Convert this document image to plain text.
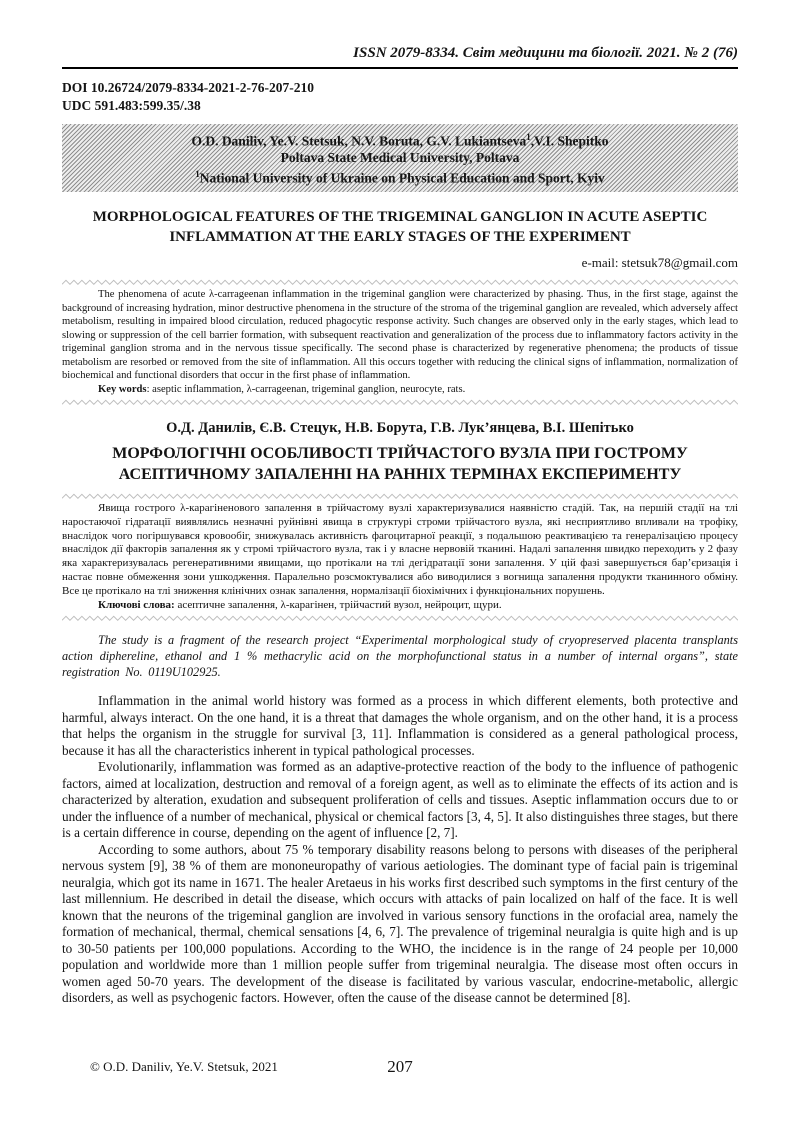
ISSN 2079-8334. Світ медицини та біології. 2021. № 2 (76)
DOI 10.26724/2079-8334-2021-2-76-207-210
UDC 591.483:599.35/.38
O.D. Daniliv, Ye.V. Stetsuk, N.V. Boruta, G.V. Lukiantseva$^1$,V.I. Shepitko
Poltava State Medical University, Poltava
$^1$National University of Ukraine on Physical Education and Sport, Kyiv
MORPHOLOGICAL FEATURES OF THE TRIGEMINAL GANGLION IN ACUTE ASEPTIC INFLAMMATION AT THE EARLY STAGES OF THE EXPERIMENT
e-mail: stetsuk78@gmail.com

The phenomena of acute λ-carrageenan inflammation in the trigeminal ganglion were characterized by phasing. Thus, in the first stage, against the background of increasing hydration, minor destructive phenomena in the structure of the stroma of the trigeminal ganglion are revealed, which adversely affect metabolism, resulting in impaired blood circulation, reduced phagocytic response activity. Such changes are observed only in the early stages, which lead to slowing or suppression of the cell barrier formation, with subsequent reactivation and generalization of the process due to inflammatory factors activity in the trigeminal ganglion stroma and in the nervous tissue specifically. The second phase is characterized by regenerative phenomena; the products of tissue metabolism are resorbed or removed from the site of inflammation. All this occurs together with reducing the clinical signs of inflammation, normalization of biochemical and functional disorders that occur in the first phase of inflammation.

Key words: aseptic inflammation, λ-carrageenan, trigeminal ganglion, neurocyte, rats.

О.Д. Данилів, Є.В. Стецук, Н.В. Борута, Г.В. Лук’янцева, В.І. Шепітько
МОРФОЛОГІЧНІ ОСОБЛИВОСТІ ТРІЙЧАСТОГО ВУЗЛА ПРИ ГОСТРОМУ АСЕПТИЧНОМУ ЗАПАЛЕННІ НА РАННІХ ТЕРМІНАХ ЕКСПЕРИМЕНТУ

Явища гострого λ-карагіненового запалення в трійчастому вузлі характеризувалися наявністю стадій. Так, на першій стадії на тлі наростаючої гідратації виявлялись незначні руйнівні явища в структурі строми трійчастого вузла, які несприятливо впливали на трофіку, внаслідок чого погіршувався кровообіг, знижувалась активність фагоцитарної реакції, з подальшою реактивацією та генералізацією процесу внаслідок дії факторів запалення як у стромі трійчастого вузла, так і у власне нервовій тканині. Надалі запалення швидко переходить у 2 фазу яка характеризувалась регенеративними явищами, що протікали на тлі дегідратації зони запалення. У цій фазі завершується бар’єризація і настає повне обмеження зони ушкодження. Паралельно розсмоктувалися або виводилися з вогнища запалення продукти тканинного обміну. Все це протікало на тлі зниження клінічних ознак запалення, нормалізації біохімічних і функціональних порушень.

Ключові слова: асептичне запалення, λ-карагінен, трійчастий вузол, нейроцит, щури.

The study is a fragment of the research project “Experimental morphological study of cryopreserved placenta transplants action diphereline, ethanol and 1 % methacrylic acid on the morphofunctional status in a number of internal organs”, state registration No. 0119U102925.

Inflammation in the animal world history was formed as a process in which different elements, both protective and harmful, always interact. On the one hand, it is a threat that damages the whole organism, and on the other hand, it is a process that helps the organism in the struggle for survival [3, 11]. Inflammation is considered as a general pathological process, because it has all the characteristics inherent in typical pathological processes.

Evolutionarily, inflammation was formed as an adaptive-protective reaction of the body to the influence of pathogenic factors, aimed at localization, destruction and removal of a foreign agent, as well as to eliminate the effects of its action and is characterized by alteration, exudation and subsequent proliferation of cells and tissues. Aseptic inflammation occurs due to or under the influence of a number of mechanical, physical or chemical factors [3, 4, 5]. It also distinguishes three stages, but there is a certain difference in course, depending on the agent of influence [2, 7].

According to some authors, about 75 % temporary disability reasons belong to persons with diseases of the peripheral nervous system [9], 38 % of them are mononeuropathy of various aetiologies. The dominant type of facial pain is trigeminal neuralgia, which got its name in 1671. The healer Aretaeus in his works first described such symptoms in the first century of the last millennium. He described in detail the disease, which occurs with attacks of pain localized on half of the face. It is well known that the neurons of the trigeminal ganglion are involved in various sensory functions in the orofacial area, namely the formation of mechanical, thermal, chemical sensations [4, 6, 7]. The prevalence of trigeminal neuralgia is quite high and is up to 30-50 patients per 100,000 populations. According to the WHO, the incidence is in the range of 24 people per 10,000 population and worldwide more than 1 million people suffer from trigeminal neuralgia. The disease most often occurs in women aged 50-70 years. The development of the disease is facilitated by various vascular, endocrine-metabolic, allergic disorders, as well as psychogenic factors. However, often the cause of the disease cannot be determined [8].

© O.D. Daniliv, Ye.V. Stetsuk, 2021	207
